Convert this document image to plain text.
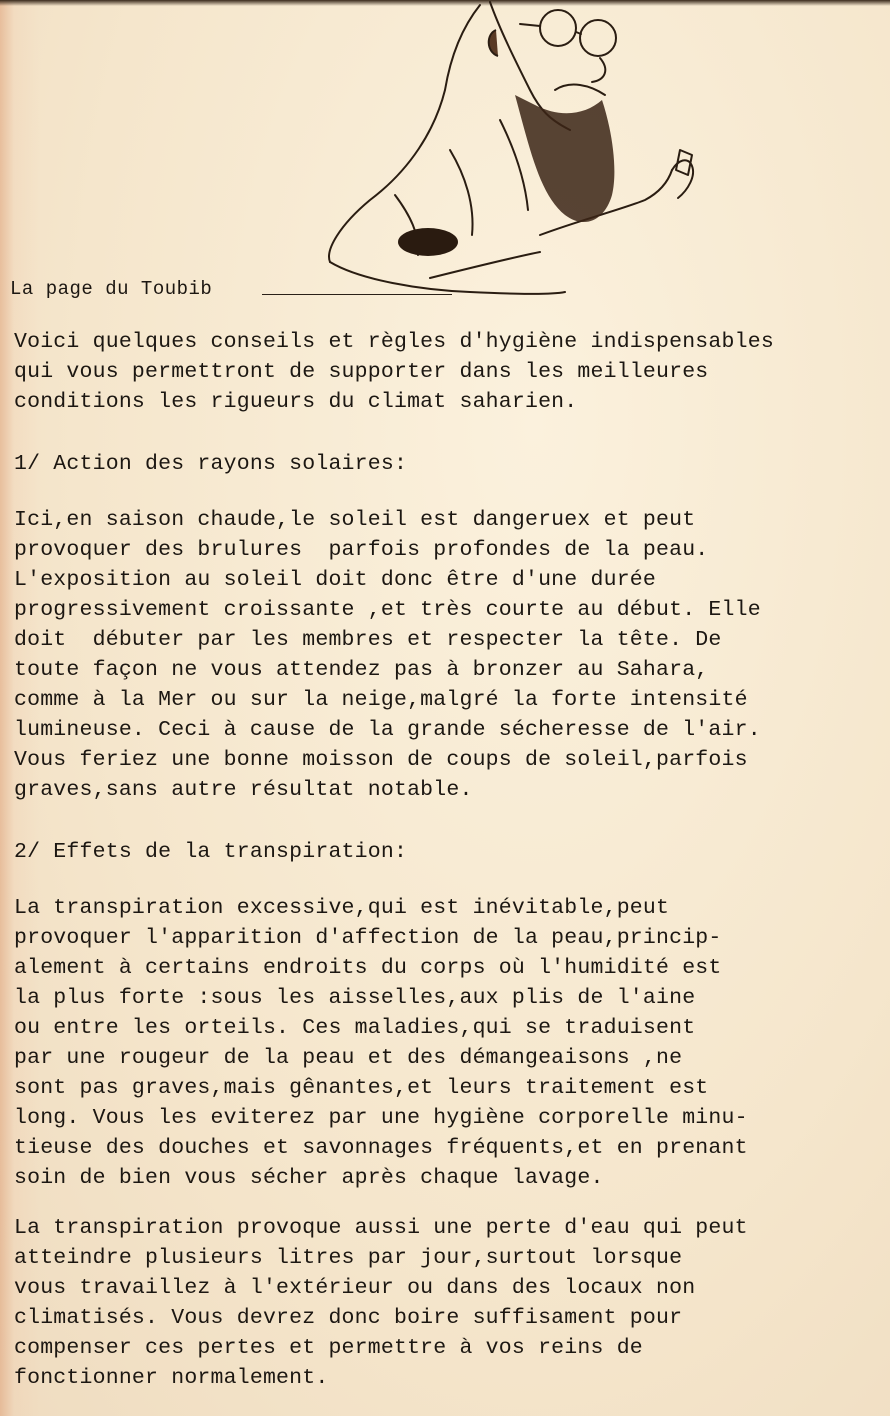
La page du Toubib
Voici quelques conseils et règles d'hygiène indispensables
qui vous permettront de supporter dans les meilleures
conditions les rigueurs du climat saharien.
1/ Action des rayons solaires:
Ici,en saison chaude,le soleil est dangeruex et peut
provoquer des brulures  parfois profondes de la peau.
L'exposition au soleil doit donc être d'une durée
progressivement croissante ,et très courte au début. Elle
doit  débuter par les membres et respecter la tête. De
toute façon ne vous attendez pas à bronzer au Sahara,
comme à la Mer ou sur la neige,malgré la forte intensité
lumineuse. Ceci à cause de la grande sécheresse de l'air.
Vous feriez une bonne moisson de coups de soleil,parfois
graves,sans autre résultat notable.
2/ Effets de la transpiration:
La transpiration excessive,qui est inévitable,peut
provoquer l'apparition d'affection de la peau,princip-
alement à certains endroits du corps où l'humidité est
la plus forte :sous les aisselles,aux plis de l'aine
ou entre les orteils. Ces maladies,qui se traduisent
par une rougeur de la peau et des démangeaisons ,ne
sont pas graves,mais gênantes,et leurs traitement est
long. Vous les eviterez par une hygiène corporelle minu-
tieuse des douches et savonnages fréquents,et en prenant
soin de bien vous sécher après chaque lavage.
La transpiration provoque aussi une perte d'eau qui peut
atteindre plusieurs litres par jour,surtout lorsque
vous travaillez à l'extérieur ou dans des locaux non
climatisés. Vous devrez donc boire suffisament pour
compenser ces pertes et permettre à vos reins de
fonctionner normalement.
